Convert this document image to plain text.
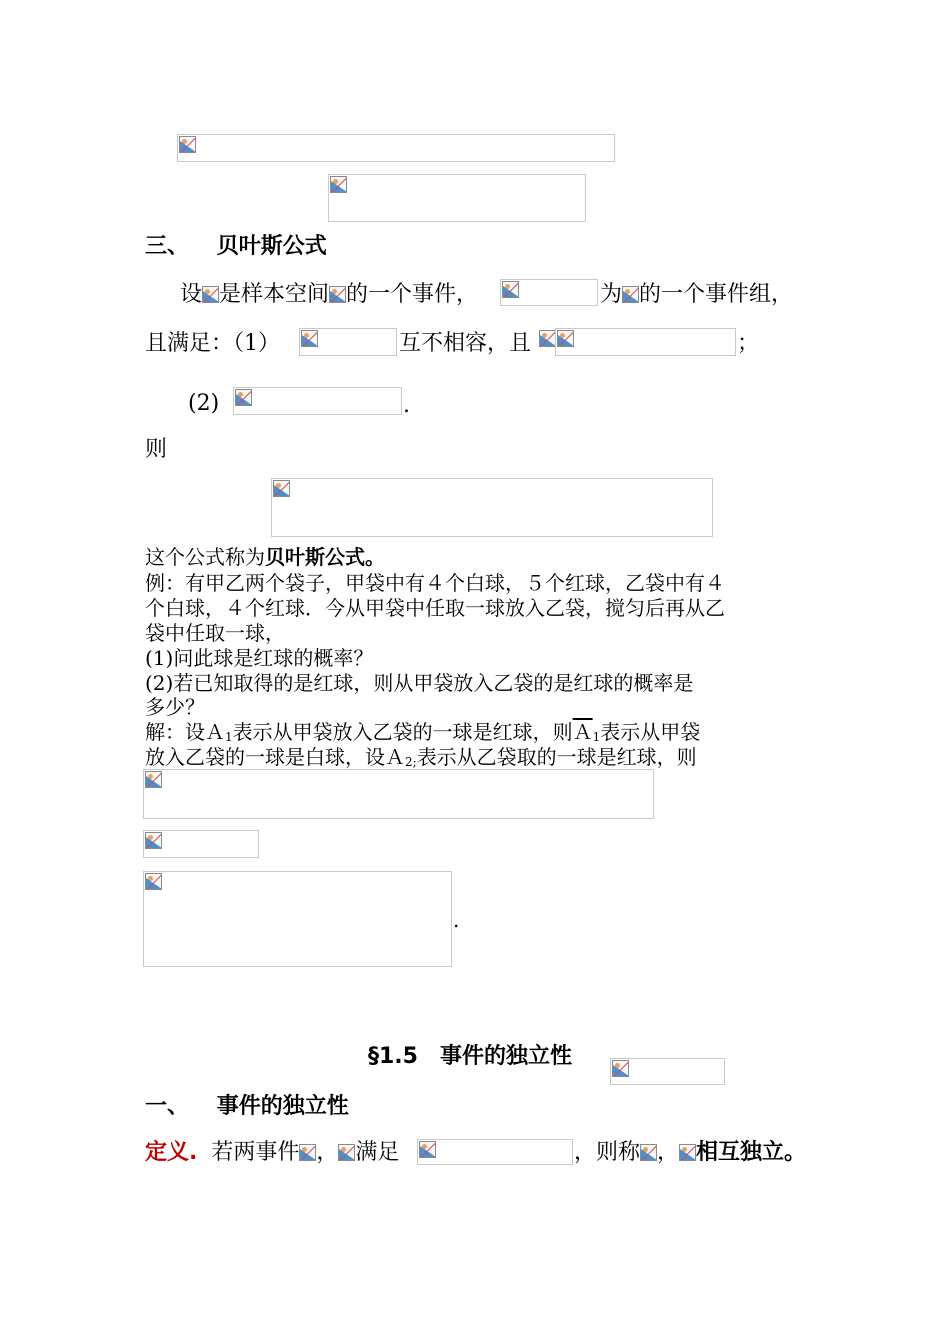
三、 贝叶斯公式
设 是样本空间 的一个事件，	为 的一个事件组，
且满足：（1）	互不相容，且	；
(2)	.
则
这个公式称为贝叶斯公式。
例：有甲乙两个袋子，甲袋中有４个白球，５个红球，乙袋中有４
个白球，４个红球．今从甲袋中任取一球放入乙袋，搅匀后再从乙
袋中任取一球，
(1)问此球是红球的概率？
(2)若已知取得的是红球，则从甲袋放入乙袋的是红球的概率是
多少？
解：设Ａ$_1$表示从甲袋放入乙袋的一球是红球，则$\overline{A}_1$表示从甲袋
放入乙袋的一球是白球，设Ａ$_{2;}$表示从乙袋取的一球是红球，则
.
§1.5　事件的独立性
一、 事件的独立性
定义. 若两事件 ， 满足	，则称 ， 相互独立。
